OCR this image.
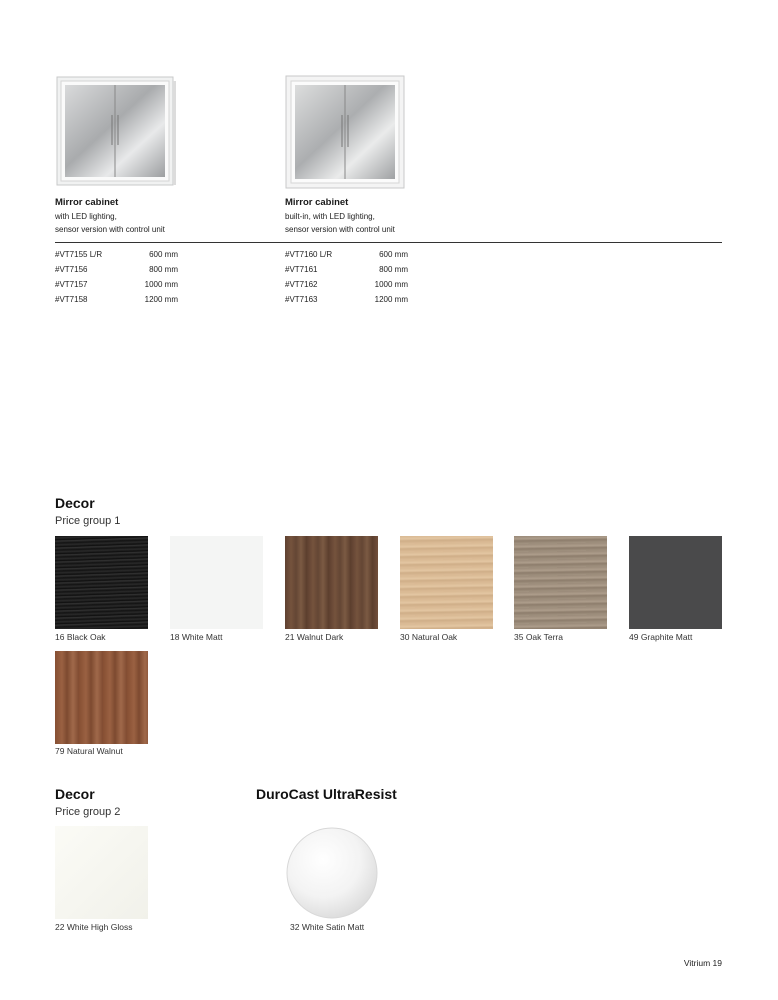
Mirror cabinet
with LED lighting,
sensor version with control unit
Mirror cabinet
built-in, with LED lighting,
sensor version with control unit
#VT7155 L/R	600 mm
#VT7156	800 mm
#VT7157	1000 mm
#VT7158	1200 mm
#VT7160 L/R	600 mm
#VT7161	800 mm
#VT7162	1000 mm
#VT7163	1200 mm
Decor
Price group 1
16 Black Oak	18 White Matt	21 Walnut Dark	30 Natural Oak	35 Oak Terra	49 Graphite Matt
79 Natural Walnut
Decor
Price group 2
22 White High Gloss
DuroCast UltraResist
32 White Satin Matt
Vitrium 19
